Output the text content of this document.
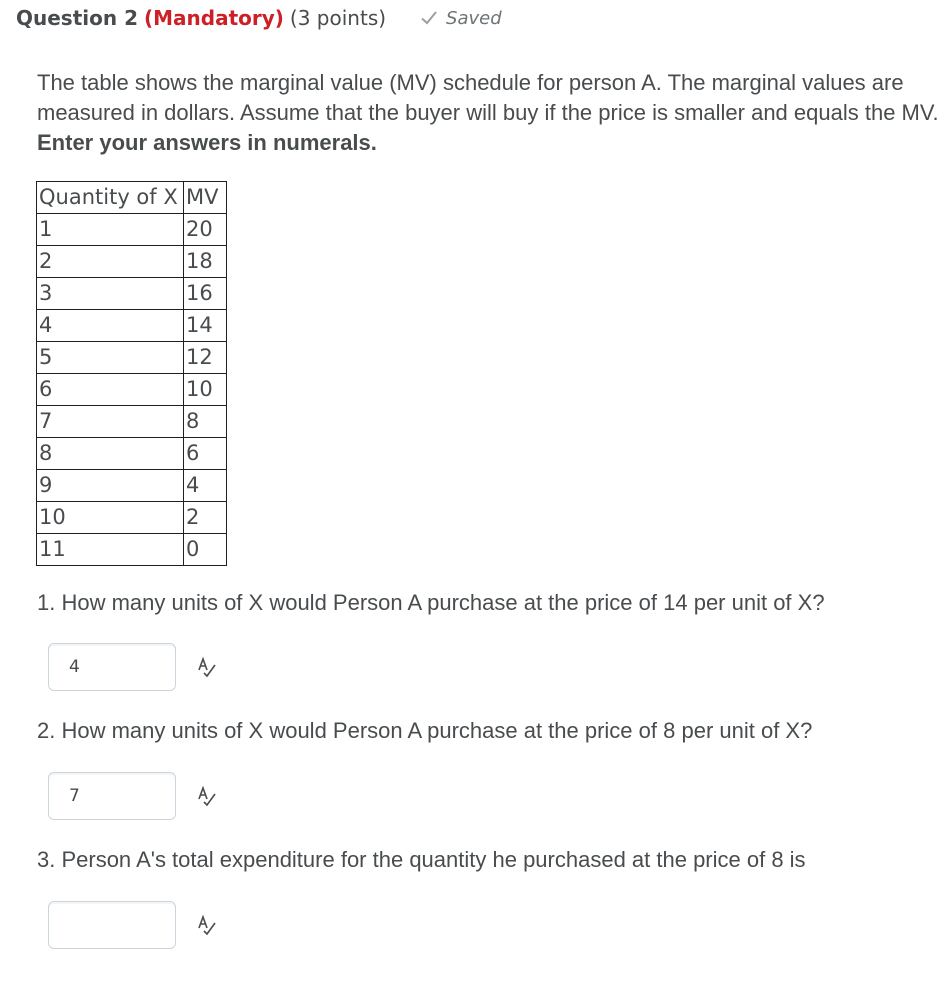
Question 2 (Mandatory) (3 points)	Saved
The table shows the marginal value (MV) schedule for person A. The marginal values are measured in dollars. Assume that the buyer will buy if the price is smaller and equals the MV. Enter your answers in numerals.
Quantity of X	MV
1	20
2	18
3	16
4	14
5	12
6	10
7	8
8	6
9	4
10	2
11	0
1. How many units of X would Person A purchase at the price of 14 per unit of X?
4
2. How many units of X would Person A purchase at the price of 8 per unit of X?
7
3. Person A's total expenditure for the quantity he purchased at the price of 8 is
